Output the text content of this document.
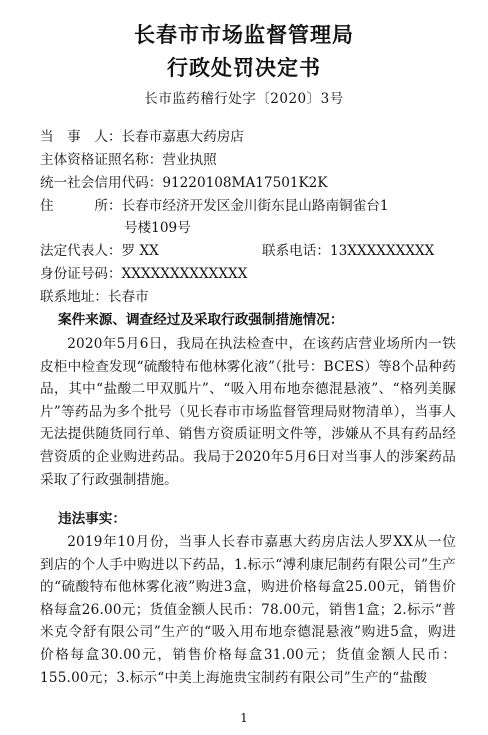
长春市市场监督管理局
行政处罚决定书
长市监药稽行处字〔2020〕3号
当　事　人：长春市嘉惠大药房店
主体资格证照名称：营业执照
统一社会信用代码：91220108MA17501K2K
住　　　所：长春市经济开发区金川街东昆山路南铜雀台1
号楼109号
法定代表人：罗 XX	联系电话：13XXXXXXXXX
身份证号码：XXXXXXXXXXXXX
联系地址：长春市
案件来源、调查经过及采取行政强制措施情况：
2020年5月6日，我局在执法检查中，在该药店营业场所内一铁皮柜中检查发现“硫酸特布他林雾化液”（批号：BCES）等8个品种药品，其中“盐酸二甲双胍片”、“吸入用布地奈德混悬液”、“格列美脲片”等药品为多个批号（见长春市市场监督管理局财物清单），当事人无法提供随货同行单、销售方资质证明文件等，涉嫌从不具有药品经营资质的企业购进药品。我局于2020年5月6日对当事人的涉案药品采取了行政强制措施。
违法事实：
2019年10月份，当事人长春市嘉惠大药房店法人罗XX从一位到店的个人手中购进以下药品，1.标示“溥利康尼制药有限公司”生产的“硫酸特布他林雾化液”购进3盒，购进价格每盒25.00元，销售价格每盒26.00元；货值金额人民币：78.00元，销售1盒；2.标示“普米克令舒有限公司”生产的“吸入用布地奈德混悬液”购进5盒，购进价格每盒30.00元，销售价格每盒31.00元；货值金额人民币：155.00元；3.标示“中美上海施贵宝制药有限公司”生产的“盐酸
1
